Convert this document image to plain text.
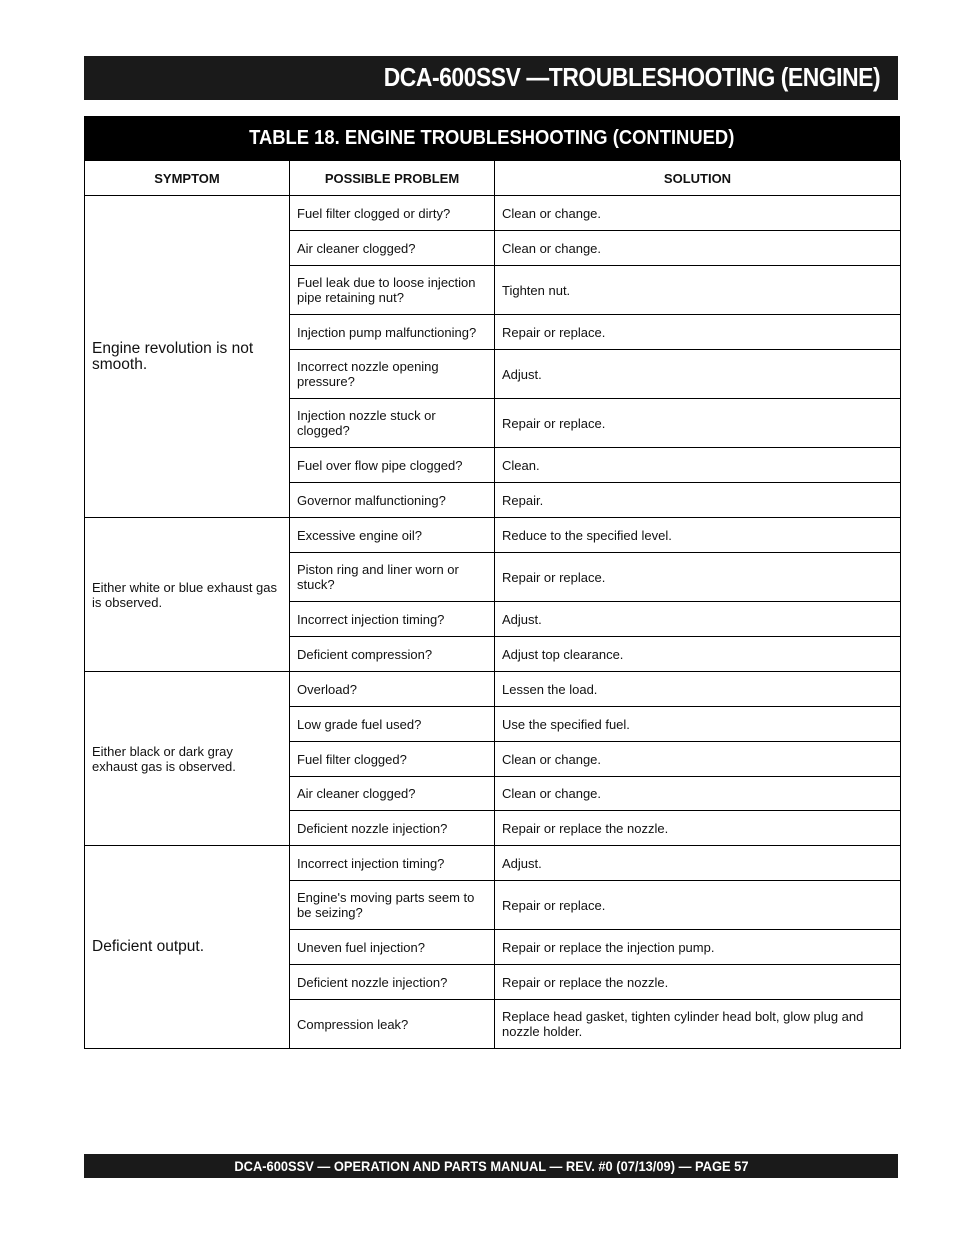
DCA-600SSV —TROUBLESHOOTING (ENGINE)
TABLE 18. ENGINE TROUBLESHOOTING (CONTINUED)
SYMPTOM	POSSIBLE PROBLEM	SOLUTION
Engine revolution is not smooth.	Fuel filter clogged or dirty?	Clean or change.
	Air cleaner clogged?	Clean or change.
	Fuel leak due to loose injection pipe retaining nut?	Tighten nut.
	Injection pump malfunctioning?	Repair or replace.
	Incorrect nozzle opening pressure?	Adjust.
	Injection nozzle stuck or clogged?	Repair or replace.
	Fuel over flow pipe clogged?	Clean.
	Governor malfunctioning?	Repair.
Either white or blue exhaust gas is observed.	Excessive engine oil?	Reduce to the specified level.
	Piston ring and liner worn or stuck?	Repair or replace.
	Incorrect injection timing?	Adjust.
	Deficient compression?	Adjust top clearance.
Either black or dark gray exhaust gas is observed.	Overload?	Lessen the load.
	Low grade fuel used?	Use the specified fuel.
	Fuel filter clogged?	Clean or change.
	Air cleaner clogged?	Clean or change.
	Deficient nozzle injection?	Repair or replace the nozzle.
Deficient output.	Incorrect injection timing?	Adjust.
	Engine's moving parts seem to be seizing?	Repair or replace.
	Uneven fuel injection?	Repair or replace the injection pump.
	Deficient nozzle injection?	Repair or replace the nozzle.
	Compression leak?	Replace head gasket, tighten cylinder head bolt, glow plug and nozzle holder.
DCA-600SSV — OPERATION AND PARTS MANUAL — REV. #0 (07/13/09) — PAGE 57
